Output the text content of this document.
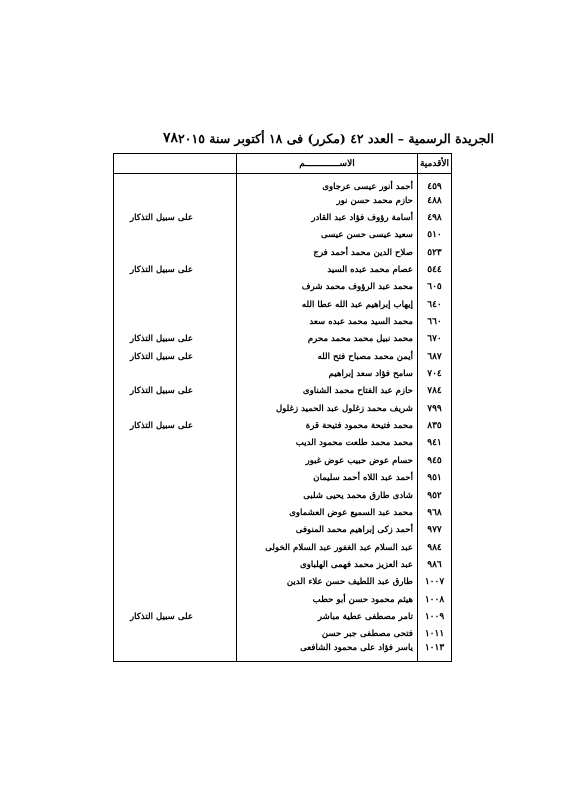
٧٨ الجريدة الرسمية – العدد ٤٢ (مكرر) فى ١٨ أكتوبر سنة ٢٠١٥
الأقدمية	الاســـــــــــــم	
٤٥٩	أحمد أنور عيسى عرجاوى	
٤٨٨	حازم محمد حسن نور	
٤٩٨	أسامة رؤوف فؤاد عبد القادر	على سبيل التذكار
٥١٠	سعيد عيسى حسن عيسى	
٥٢٣	صلاح الدين محمد أحمد فرج	
٥٤٤	عصام محمد عبده السيد	على سبيل التذكار
٦٠٥	محمد عبد الرؤوف محمد شرف	
٦٤٠	إيهاب إبراهيم عبد الله عطا الله	
٦٦٠	محمد السيد محمد عبده سعد	
٦٧٠	محمد نبيل محمد محمد محرم	على سبيل التذكار
٦٨٧	أيمن محمد مصباح فتح الله	على سبيل التذكار
٧٠٤	سامح فؤاد سعد إبراهيم	
٧٨٤	حازم عبد الفتاح محمد الشناوى	على سبيل التذكار
٧٩٩	شريف محمد زغلول عبد الحميد زغلول	
٨٣٥	محمد فتيحة محمود فتيحة قرة	على سبيل التذكار
٩٤١	محمد محمد طلعت محمود الديب	
٩٤٥	حسام عوض حبيب عوض غبور	
٩٥١	أحمد عبد اللاه أحمد سليمان	
٩٥٢	شادى طارق محمد يحيى شلبى	
٩٦٨	محمد عبد السميع عوض العشماوى	
٩٧٧	أحمد زكى إبراهيم محمد المنوفى	
٩٨٤	عبد السلام عبد الغفور عبد السلام الخولى	
٩٨٦	عبد العزيز محمد فهمى الهلباوى	
١٠٠٧	طارق عبد اللطيف حسن علاء الدين	
١٠٠٨	هيثم محمود حسن أبو حطب	
١٠٠٩	تامر مصطفى عطية مباشر	على سبيل التذكار
١٠١١	فتحى مصطفى جبر حسن	
١٠١٣	ياسر فؤاد على محمود الشافعى	
